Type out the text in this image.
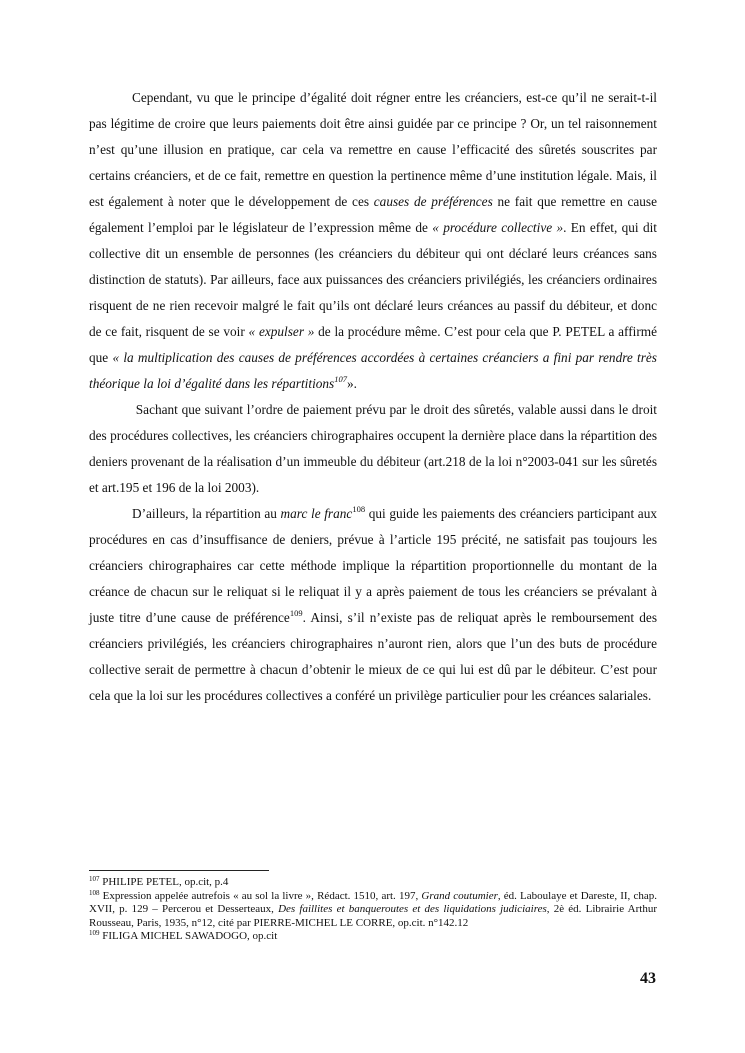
Cependant, vu que le principe d’égalité doit régner entre les créanciers, est-ce qu’il ne serait-t-il pas légitime de croire que leurs paiements doit être ainsi guidée par ce principe ? Or, un tel raisonnement n’est qu’une illusion en pratique, car cela va remettre en cause l’efficacité des sûretés souscrites par certains créanciers, et de ce fait, remettre en question la pertinence même d’une institution légale. Mais, il est également à noter que le développement de ces causes de préférences ne fait que remettre en cause également l’emploi par le législateur de l’expression même de « procédure collective ». En effet, qui dit collective dit un ensemble de personnes (les créanciers du débiteur qui ont déclaré leurs créances sans distinction de statuts). Par ailleurs, face aux puissances des créanciers privilégiés, les créanciers ordinaires risquent de ne rien recevoir malgré le fait qu’ils ont déclaré leurs créances au passif du débiteur, et donc de ce fait, risquent de se voir « expulser » de la procédure même. C’est pour cela que P. PETEL a affirmé que « la multiplication des causes de préférences accordées à certaines créanciers a fini par rendre très théorique la loi d’égalité dans les répartitions$^{107}$».

Sachant que suivant l’ordre de paiement prévu par le droit des sûretés, valable aussi dans le droit des procédures collectives, les créanciers chirographaires occupent la dernière place dans la répartition des deniers provenant de la réalisation d’un immeuble du débiteur (art.218 de la loi n°2003-041 sur les sûretés et art.195 et 196 de la loi 2003).

D’ailleurs, la répartition au marc le franc$^{108}$ qui guide les paiements des créanciers participant aux procédures en cas d’insuffisance de deniers, prévue à l’article 195 précité, ne satisfait pas toujours les créanciers chirographaires car cette méthode implique la répartition proportionnelle du montant de la créance de chacun sur le reliquat si le reliquat il y a après paiement de tous les créanciers se prévalant à juste titre d’une cause de préférence$^{109}$. Ainsi, s’il n’existe pas de reliquat après le remboursement des créanciers privilégiés, les créanciers chirographaires n’auront rien, alors que l’un des buts de procédure collective serait de permettre à chacun d’obtenir le mieux de ce qui lui est dû par le débiteur. C’est pour cela que la loi sur les procédures collectives a conféré un privilège particulier pour les créances salariales.

$^{107}$ PHILIPE PETEL, op.cit, p.4

$^{108}$ Expression appelée autrefois « au sol la livre », Rédact. 1510, art. 197, Grand coutumier, éd. Laboulaye et Dareste, II, chap. XVII, p. 129 – Percerou et Desserteaux, Des faillites et banqueroutes et des liquidations judiciaires, 2è éd. Librairie Arthur Rousseau, Paris, 1935, n°12, cité par PIERRE-MICHEL LE CORRE, op.cit. n°142.12

$^{109}$ FILIGA MICHEL SAWADOGO, op.cit

43
